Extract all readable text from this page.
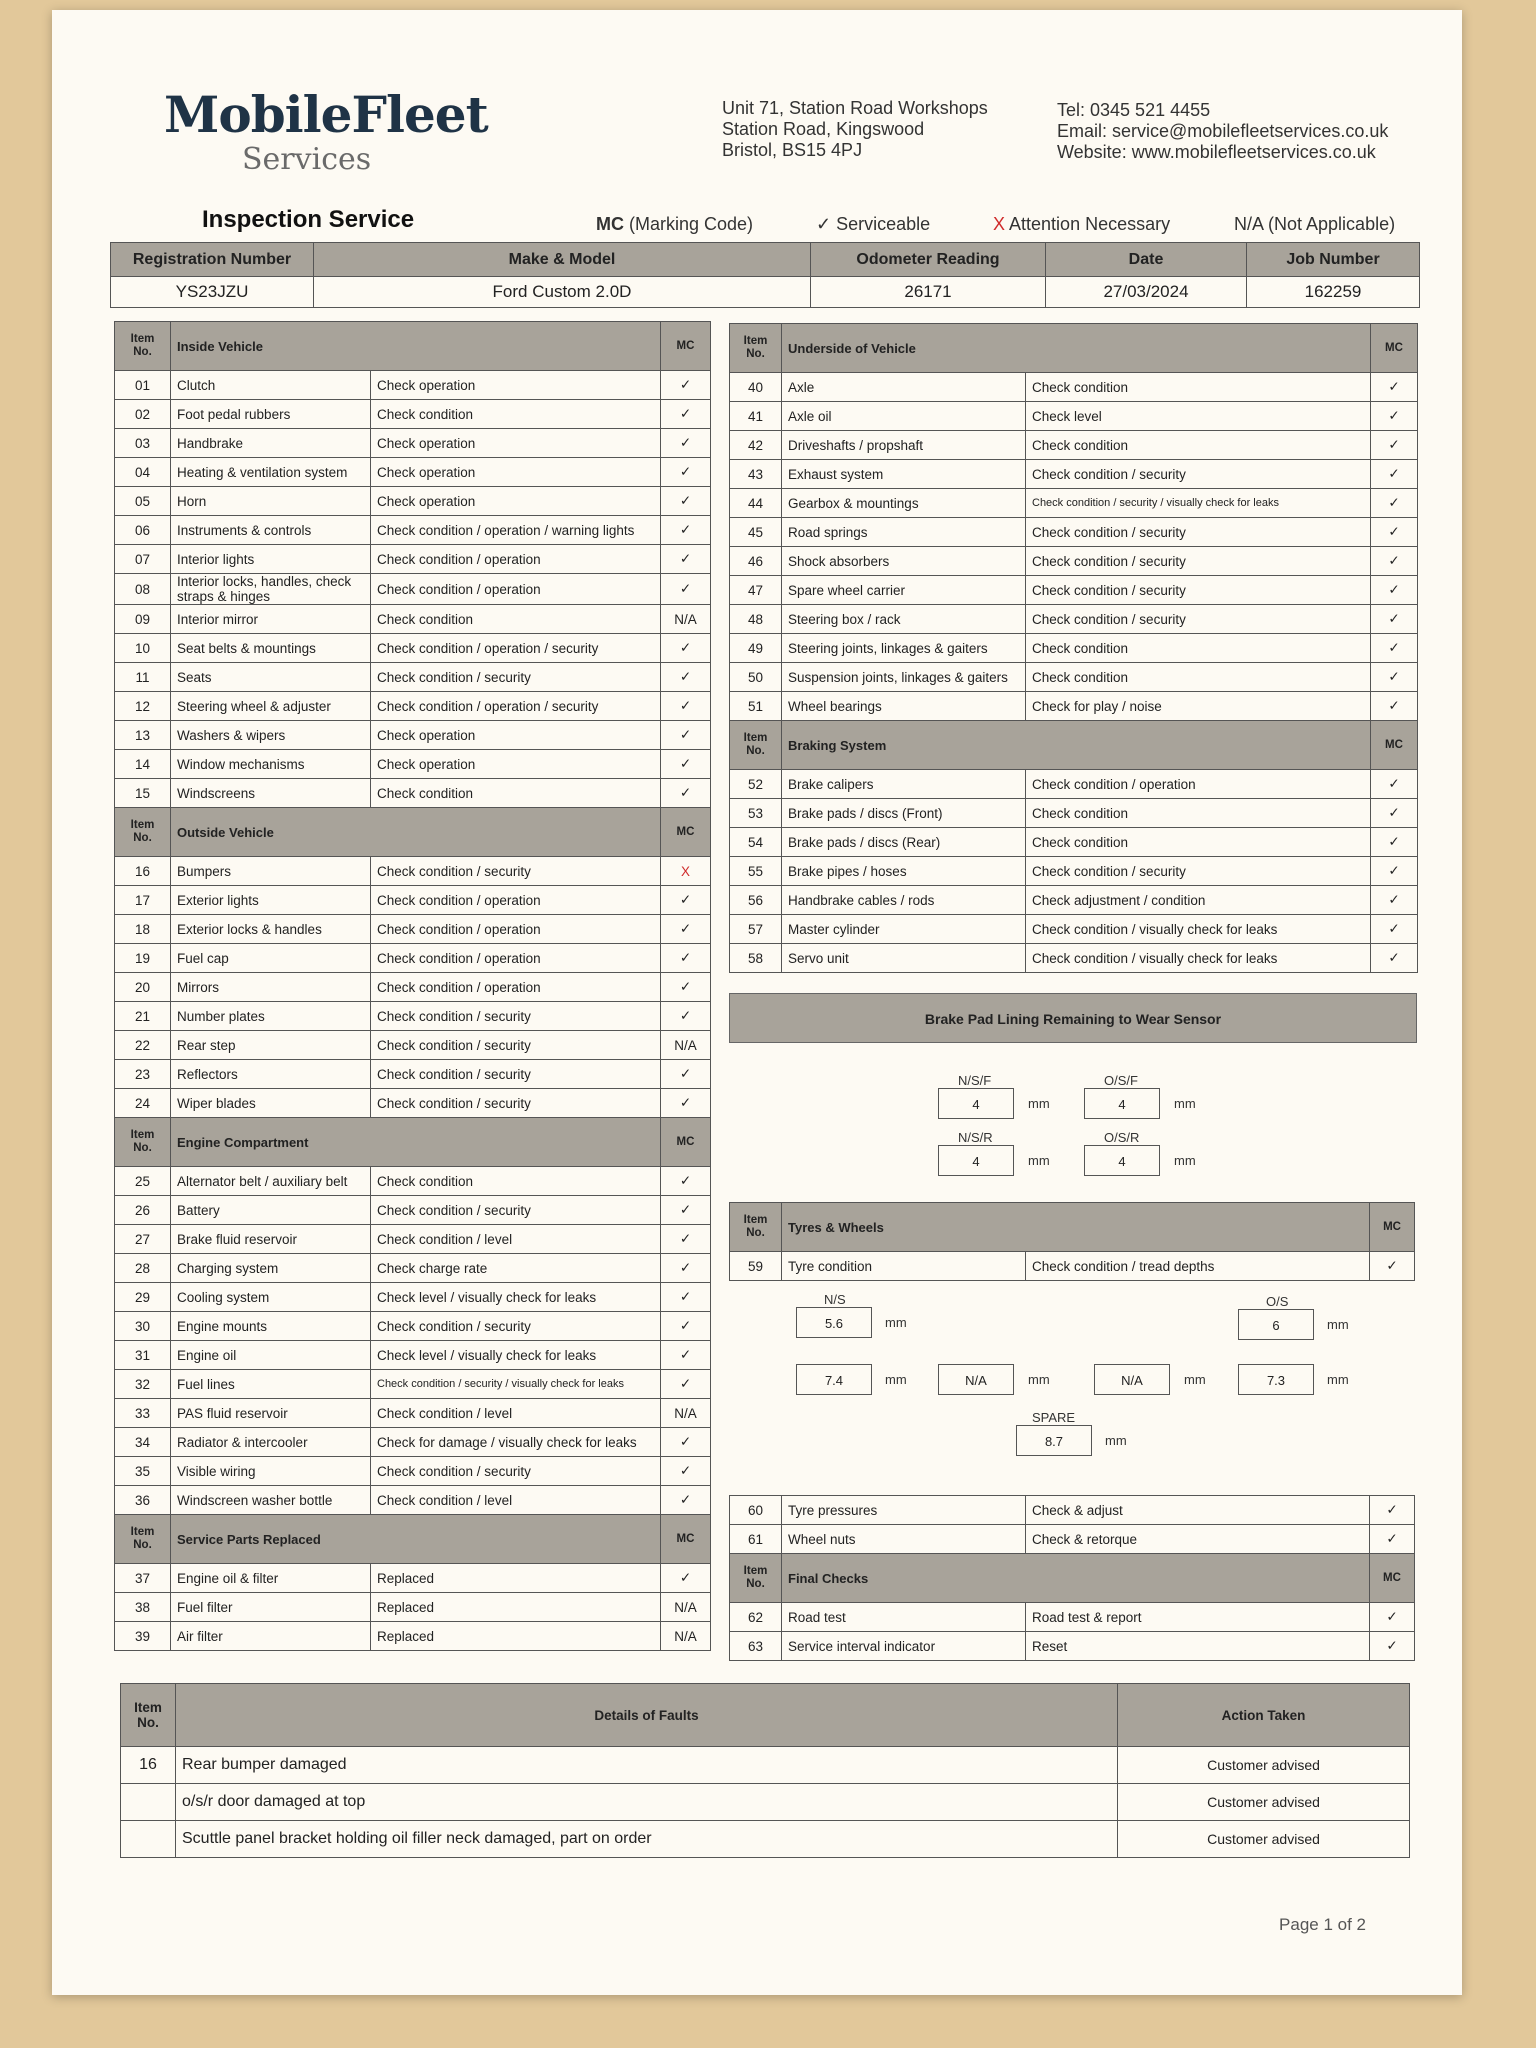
MobileFleet
Services
Unit 71, Station Road Workshops
Station Road, Kingswood
Bristol, BS15 4PJ
Tel: 0345 521 4455
Email: service@mobilefleetservices.co.uk
Website: www.mobilefleetservices.co.uk
Inspection Service	MC (Marking Code)	✓ Serviceable	X Attention Necessary	N/A (Not Applicable)
Registration Number	Make & Model	Odometer Reading	Date	Job Number
YS23JZU	Ford Custom 2.0D	26171	27/03/2024	162259
Item No.	Inside Vehicle		MC
01	Clutch	Check operation	✓
02	Foot pedal rubbers	Check condition	✓
03	Handbrake	Check operation	✓
04	Heating & ventilation system	Check operation	✓
05	Horn	Check operation	✓
06	Instruments & controls	Check condition / operation / warning lights	✓
07	Interior lights	Check condition / operation	✓
08	Interior locks, handles, check straps & hinges	Check condition / operation	✓
09	Interior mirror	Check condition	N/A
10	Seat belts & mountings	Check condition / operation / security	✓
11	Seats	Check condition / security	✓
12	Steering wheel & adjuster	Check condition / operation / security	✓
13	Washers & wipers	Check operation	✓
14	Window mechanisms	Check operation	✓
15	Windscreens	Check condition	✓
Item No.	Outside Vehicle		MC
16	Bumpers	Check condition / security	X
17	Exterior lights	Check condition / operation	✓
18	Exterior locks & handles	Check condition / operation	✓
19	Fuel cap	Check condition / operation	✓
20	Mirrors	Check condition / operation	✓
21	Number plates	Check condition / security	✓
22	Rear step	Check condition / security	N/A
23	Reflectors	Check condition / security	✓
24	Wiper blades	Check condition / security	✓
Item No.	Engine Compartment		MC
25	Alternator belt / auxiliary belt	Check condition	✓
26	Battery	Check condition / security	✓
27	Brake fluid reservoir	Check condition / level	✓
28	Charging system	Check charge rate	✓
29	Cooling system	Check level / visually check for leaks	✓
30	Engine mounts	Check condition / security	✓
31	Engine oil	Check level / visually check for leaks	✓
32	Fuel lines	Check condition / security / visually check for leaks	✓
33	PAS fluid reservoir	Check condition / level	N/A
34	Radiator & intercooler	Check for damage / visually check for leaks	✓
35	Visible wiring	Check condition / security	✓
36	Windscreen washer bottle	Check condition / level	✓
Item No.	Service Parts Replaced		MC
37	Engine oil & filter	Replaced	✓
38	Fuel filter	Replaced	N/A
39	Air filter	Replaced	N/A
Item No.	Underside of Vehicle		MC
40	Axle	Check condition	✓
41	Axle oil	Check level	✓
42	Driveshafts / propshaft	Check condition	✓
43	Exhaust system	Check condition / security	✓
44	Gearbox & mountings	Check condition / security / visually check for leaks	✓
45	Road springs	Check condition / security	✓
46	Shock absorbers	Check condition / security	✓
47	Spare wheel carrier	Check condition / security	✓
48	Steering box / rack	Check condition / security	✓
49	Steering joints, linkages & gaiters	Check condition	✓
50	Suspension joints, linkages & gaiters	Check condition	✓
51	Wheel bearings	Check for play / noise	✓
Item No.	Braking System		MC
52	Brake calipers	Check condition / operation	✓
53	Brake pads / discs (Front)	Check condition	✓
54	Brake pads / discs (Rear)	Check condition	✓
55	Brake pipes / hoses	Check condition / security	✓
56	Handbrake cables / rods	Check adjustment / condition	✓
57	Master cylinder	Check condition / visually check for leaks	✓
58	Servo unit	Check condition / visually check for leaks	✓
Brake Pad Lining Remaining to Wear Sensor
N/S/F
4	mm
O/S/F
4	mm
N/S/R
4	mm
O/S/R
4	mm
Item No.	Tyres & Wheels		MC
59	Tyre condition	Check condition / tread depths	✓
N/S
5.6	mm
O/S
6	mm
7.4	mm	N/A	mm	N/A	mm	7.3	mm
SPARE
8.7	mm
60	Tyre pressures	Check & adjust	✓
61	Wheel nuts	Check & retorque	✓
Item No.	Final Checks		MC
62	Road test	Road test & report	✓
63	Service interval indicator	Reset	✓
Item No.	Details of Faults	Action Taken
16	Rear bumper damaged	Customer advised
	o/s/r door damaged at top	Customer advised
	Scuttle panel bracket holding oil filler neck damaged, part on order	Customer advised
Page 1 of 2
